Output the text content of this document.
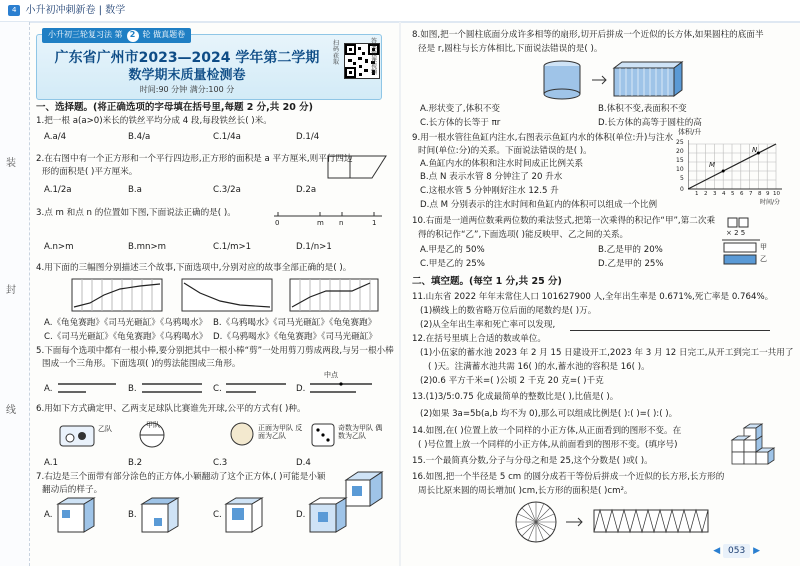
4 小升初冲刺新卷 | 数学
装
封
线
广东省广州市2023—2024 学年第二学期
数学期末质量检测卷
时间:90 分钟 满分:100 分
扫码获取
答案 微课视频
小升初三轮复习法 第 2 轮 做真题卷
一、选择题。(将正确选项的字母填在括号里,每题 2 分,共 20 分)
1.把一根 a(a>0)米长的铁丝平均分成 4 段,每段铁丝长( )米。
A.a/4	B.4/a	C.1/4a	D.1/4
2.在右图中有一个正方形和一个平行四边形,正方形的面积是 a 平方厘米,则平行四边
形的面积是( )平方厘米。
A.1/2a	B.a	C.3/2a	D.2a
3.点 m 和点 n 的位置如下图,下面说法正确的是( )。
0	m n	1
A.n>m	B.mn>m	C.1/m>1	D.1/n>1
4.用下面的三幅图分别描述三个故事,下面选项中,分别对应的故事全部正确的是( )。
A.《龟兔赛跑》《司马光砸缸》《乌鸦喝水》 B.《乌鸦喝水》《司马光砸缸》《龟兔赛跑》
C.《司马光砸缸》《龟兔赛跑》《乌鸦喝水》 D.《乌鸦喝水》《龟兔赛跑》《司马光砸缸》
5.下面每个选项中都有一根小棒,要分别把其中一根小棒“剪”一处用剪刀剪成两段,与另一根小棒
围成一个三角形。下面选项( )的剪法能围成三角形。
中点
A.	B.	C.	D.
6.用如下方式确定甲、乙两支足球队比赛谁先开球,公平的方式有( )种。
乙队	甲队	正面为甲队 反面为乙队
奇数为甲队 偶数为乙队
A.1	B.2	C.3	D.4
7.右边是三个面带有部分涂色的正方体,小颖翻动了这个正方体,( )可能是小颖
翻动后的样子。
A.	B.	C.	D.
8.如图,把一个圆柱底面分成许多相等的扇形,切开后拼成一个近似的长方体,如果圆柱的底面半
径是 r,圆柱与长方体相比,下面说法错误的是( )。
A.形状变了,体积不变	B.体积不变,表面积不变
C.长方体的长等于 πr	D.长方体的高等于圆柱的高
9.用一根水管往鱼缸内注水,右图表示鱼缸内水的体积(单位:升)与注水
时间(单位:分)的关系。下面说法错误的是( )。
A.鱼缸内水的体积和注水时间成正比例关系
B.点 N 表示水管 8 分钟注了 20 升水
C.这根水管 5 分钟刚好注水 12.5 升
D.点 M 分别表示的注水时间和鱼缸内的体积可以组成一个比例
体积/升
M
N
25
20
15
10
5
0
1 2 3 4 5 6 7 8 9 10
时间/分
10.右面是一道两位数乘两位数的乘法竖式,把第一次乘得的积记作“甲”,第二次乘
得的积记作“乙”,下面选项( )能反映甲、乙之间的关系。
A.甲是乙的 50%	B.乙是甲的 20%
C.甲是乙的 25%	D.乙是甲的 25%
× 2 5
甲
乙
二、填空题。(每空 1 分,共 25 分)
11.山东省 2022 年年末常住人口 101627900 人,全年出生率是 0.671%,死亡率是 0.764%。
(1)横线上的数省略万位后面的尾数约是( )万。
(2)从全年出生率和死亡率可以发现,
12.在括号里填上合适的数或单位。
(1)小伍家的蓄水池 2023 年 2 月 15 日建设开工,2023 年 3 月 12 日完工,从开工到完工一共用了
( )天。注满蓄水池共需 16( )的水,蓄水池的容积是 16( )。
(2)0.6 平方千米=( )公顷 2 千克 20 克=( )千克
13.(1)3/5:0.75 化成最简单的整数比是( ),比值是( )。
(2)如果 3a=5b(a,b 均不为 0),那么可以组成比例是( ):( )=( ):( )。
14.如图,在( )位置上放一个同样的小正方体,从正面看到的图形不变。在
( )号位置上放一个同样的小正方体,从前面看到的图形不变。(填序号)
15.一个最简真分数,分子与分母之和是 25,这个分数是( )或( )。
16.如图,把一个半径是 5 cm 的圆分成若干等份后拼成一个近似的长方形,长方形的
周长比原来圆的周长增加( )cm,长方形的面积是( )cm²。
◀ 053 ▶
